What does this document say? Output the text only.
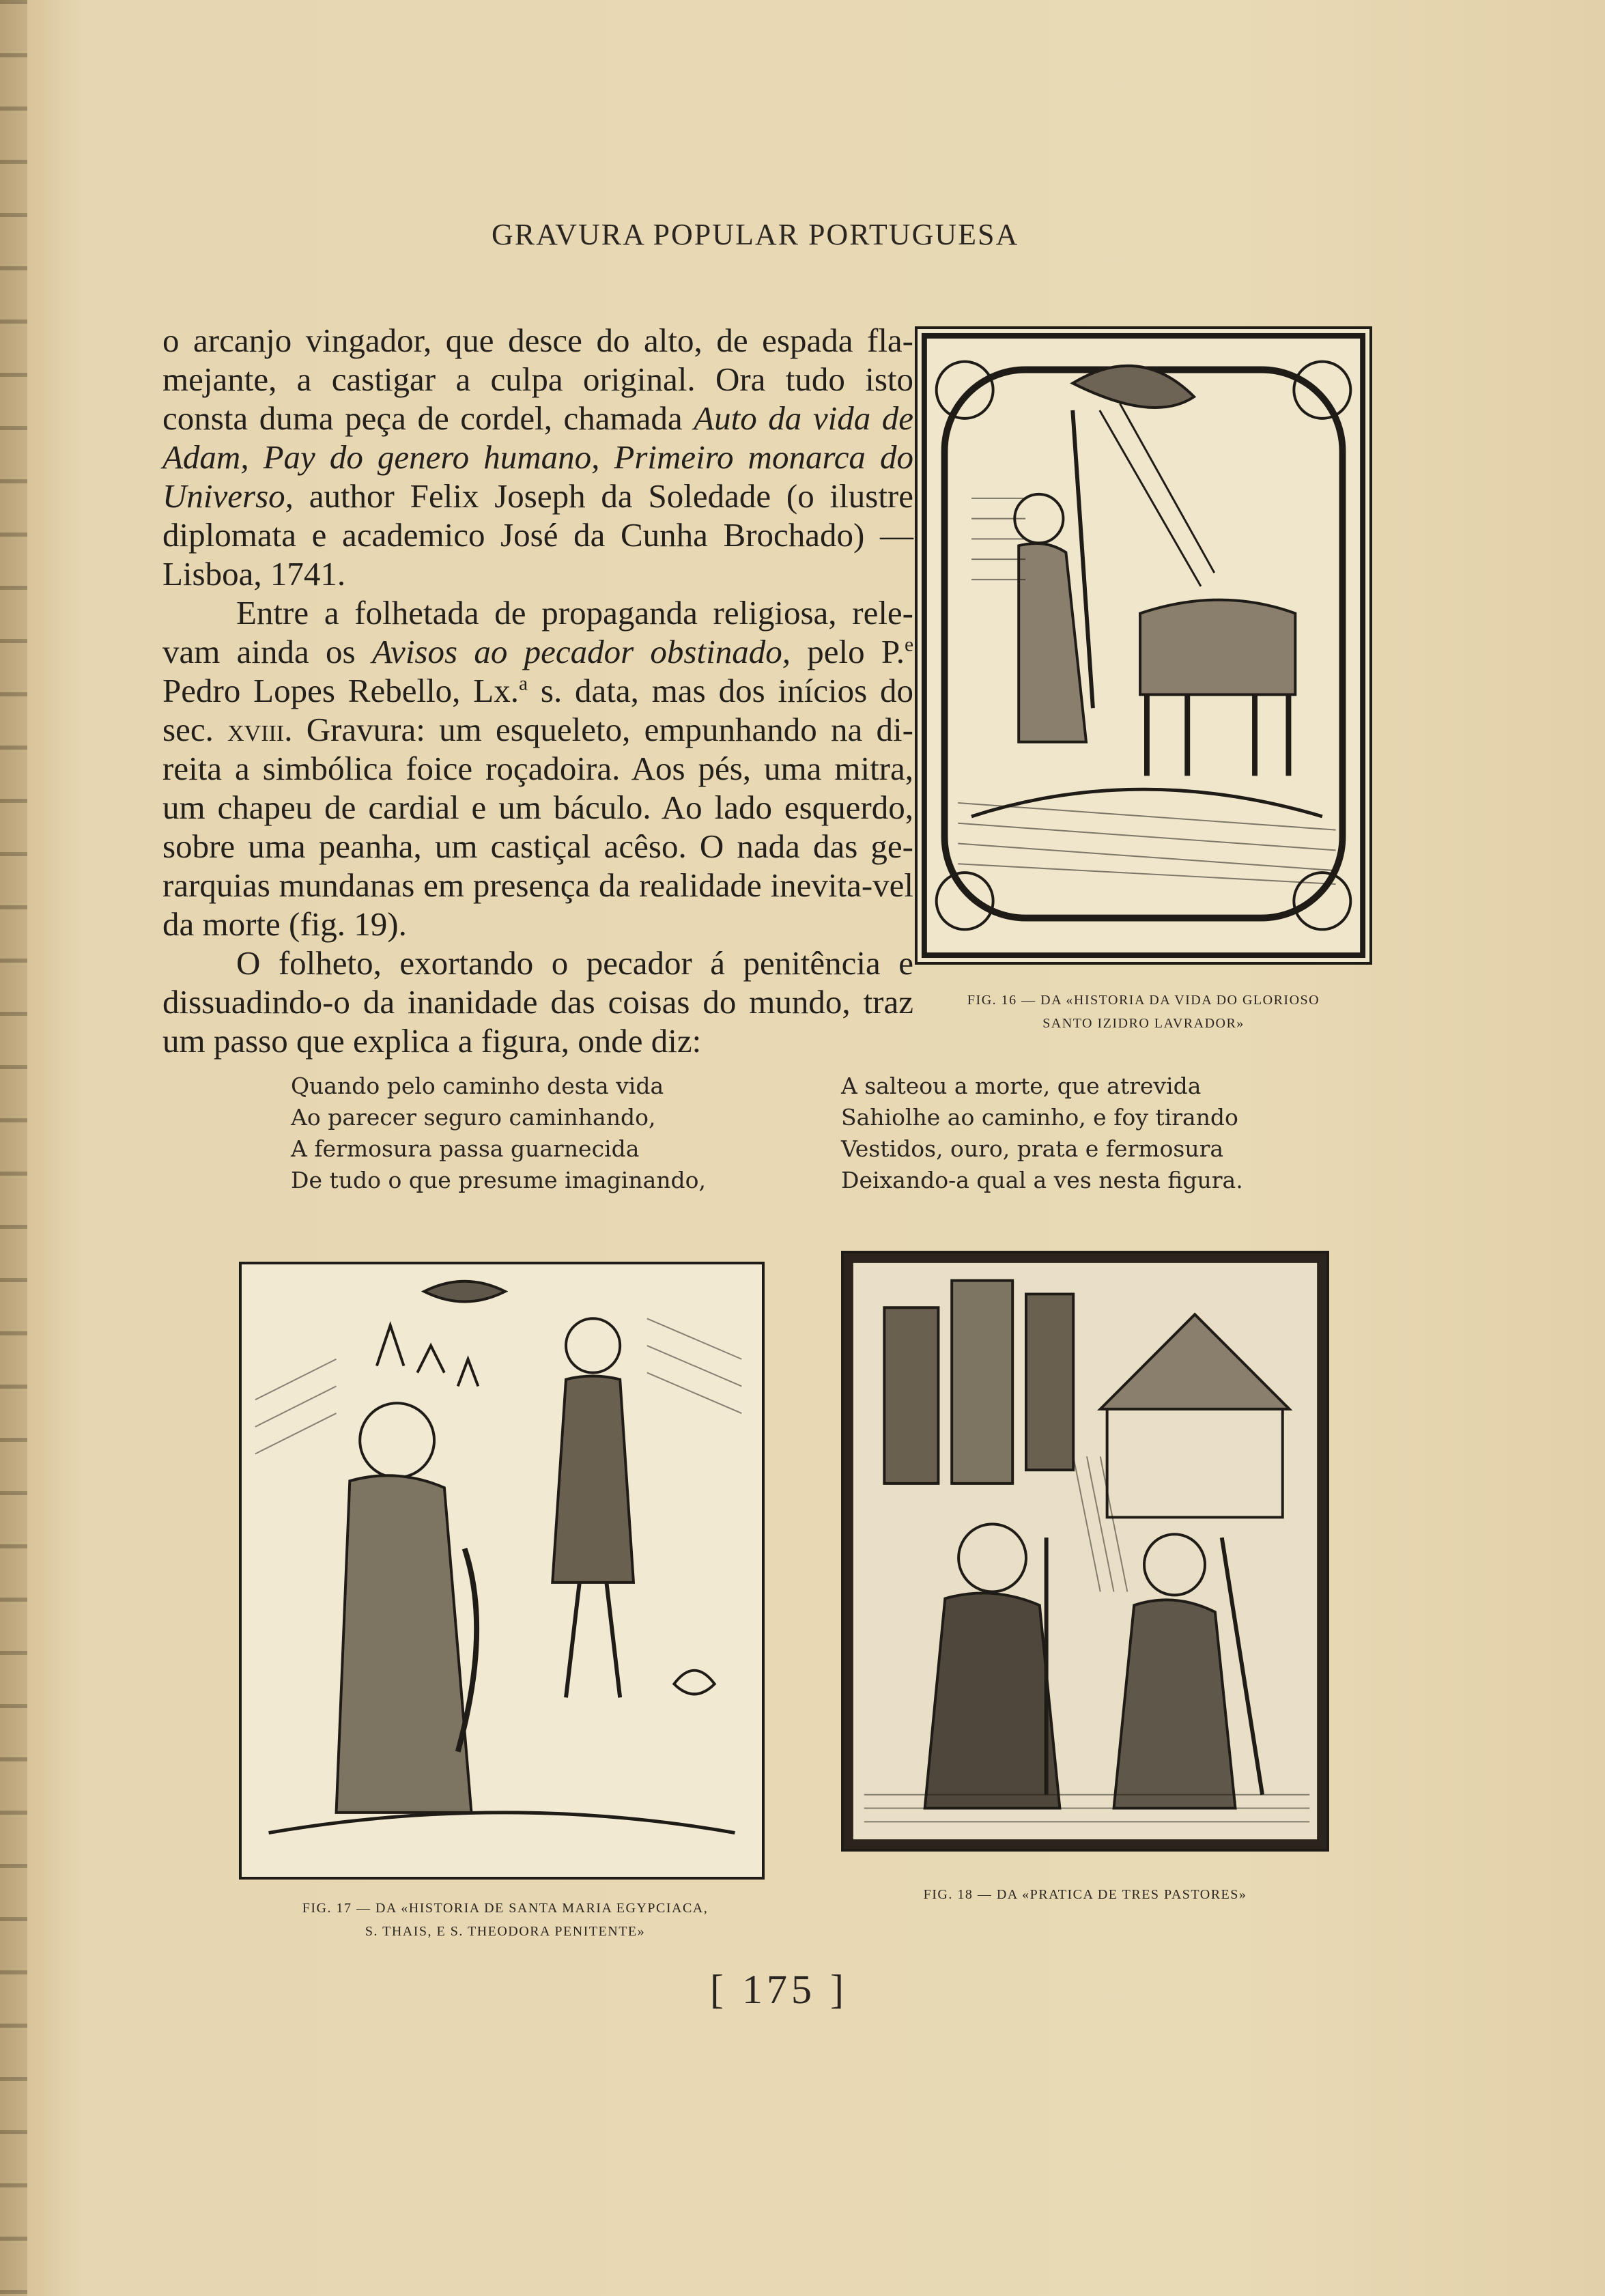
GRAVURA POPULAR PORTUGUESA

o arcanjo vingador, que desce do alto, de espada fla-mejante, a castigar a culpa original. Ora tudo isto consta duma peça de cordel, chamada Auto da vida de Adam, Pay do genero humano, Primeiro monarca do Universo, author Felix Joseph da Soledade (o ilustre diplomata e academico José da Cunha Brochado) — Lisboa, 1741.

Entre a folhetada de propaganda religiosa, rele-vam ainda os Avisos ao pecador obstinado, pelo P.$^e$ Pedro Lopes Rebello, Lx.$^a$ s. data, mas dos inícios do sec. xviii. Gravura: um esqueleto, empunhando na di-reita a simbólica foice roçadoira. Aos pés, uma mitra, um chapeu de cardial e um báculo. Ao lado esquerdo, sobre uma peanha, um castiçal acêso. O nada das ge-rarquias mundanas em presença da realidade inevita-vel da morte (fig. 19).

O folheto, exortando o pecador á penitência e dissuadindo-o da inanidade das coisas do mundo, traz um passo que explica a figura, onde diz:

FIG. 16 — DA «HISTORIA DA VIDA DO GLORIOSO
SANTO IZIDRO LAVRADOR»
Quando pelo caminho desta vida
Ao parecer seguro caminhando,
A fermosura passa guarnecida
De tudo o que presume imaginando,
A salteou a morte, que atrevida
Sahiolhe ao caminho, e foy tirando
Vestidos, ouro, prata e fermosura
Deixando-a qual a ves nesta figura.
FIG. 17 — DA «HISTORIA DE SANTA MARIA EGYPCIACA,
S. THAIS, E S. THEODORA PENITENTE»
FIG. 18 — DA «PRATICA DE TRES PASTORES»
[ 175 ]
